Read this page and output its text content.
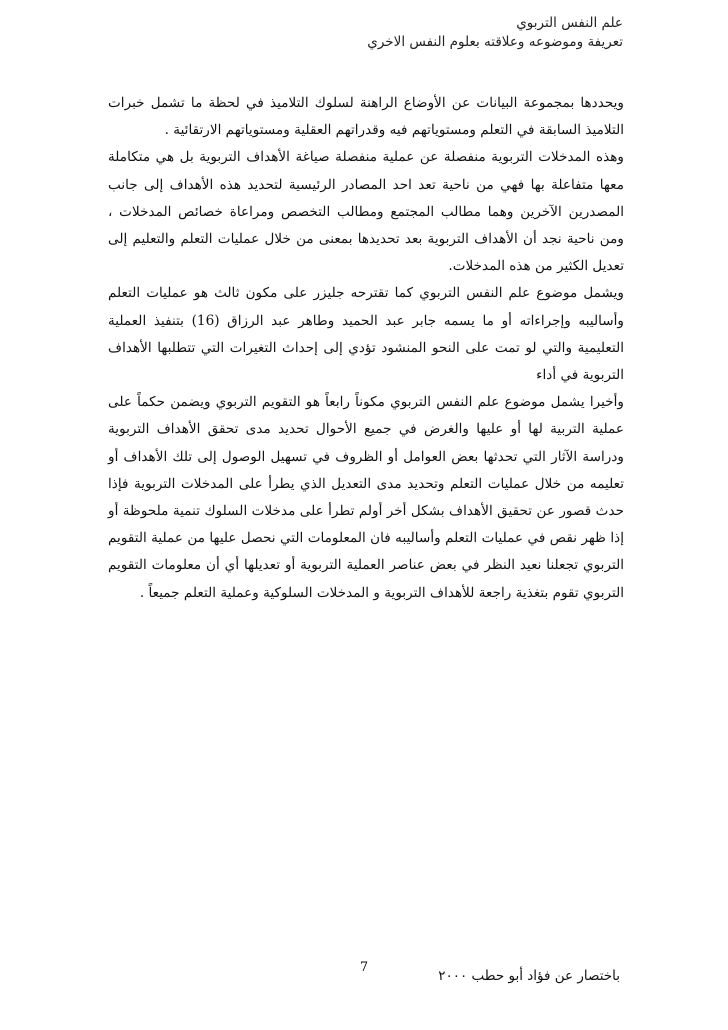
علم النفس التربوي
تعريفة وموضوعه وعلاقته بعلوم النفس الاخري

ويحددها بمجموعة البيانات عن الأوضاع الراهنة لسلوك التلاميذ في لحظة ما تشمل خبرات التلاميذ السابقة في التعلم ومستوياتهم فيه وقدراتهم العقلية ومستوياتهم الارتقائية .

وهذه المدخلات التربوية منفصلة عن عملية منفصلة صياغة الأهداف التربوية بل هي متكاملة معها متفاعلة بها فهي من ناحية تعد احد المصادر الرئيسية لتحديد هذه الأهداف إلى جانب المصدرين الآخرين وهما مطالب المجتمع ومطالب التخصص ومراعاة خصائص المدخلات ، ومن ناحية نجد أن الأهداف التربوية بعد تحديدها بمعنى من خلال عمليات التعلم والتعليم إلى تعديل الكثير من هذه المدخلات.

ويشمل موضوع علم النفس التربوي كما تقترحه جليزر على مكون ثالث هو عمليات التعلم وأساليبه وإجراءاته أو ما يسمه جابر عبد الحميد وطاهر عبد الرزاق (16) بتنفيذ العملية التعليمية والتي لو تمت على النحو المنشود تؤدي إلى إحداث التغيرات التي تتطلبها الأهداف التربوية في أداء

وأخيرا يشمل موضوع علم النفس التربوي مكوناً رابعاً هو التقويم التربوي ويضمن حكماً على عملية التربية لها أو عليها والغرض في جميع الأحوال تحديد مدى تحقق الأهداف التربوية ودراسة الآثار التي تحدثها بعض العوامل أو الظروف في تسهيل الوصول إلى تلك الأهداف أو تعليمه من خلال عمليات التعلم وتحديد مدى التعديل الذي يطرأ على المدخلات التربوية فإذا حدث قصور عن تحقيق الأهداف بشكل أخر أولم تطرأ على مدخلات السلوك تنمية ملحوظة أو إذا ظهر نقص في عمليات التعلم وأساليبه فان المعلومات التي نحصل عليها من عملية التقويم التربوي تجعلنا نعيد النظر في بعض عناصر العملية التربوية أو تعديلها أي أن معلومات التقويم التربوي تقوم بتغذية راجعة للأهداف التربوية و المدخلات السلوكية وعملية التعلم جميعاً .

7
باختصار عن فؤاد أبو حطب ٢٠٠٠
